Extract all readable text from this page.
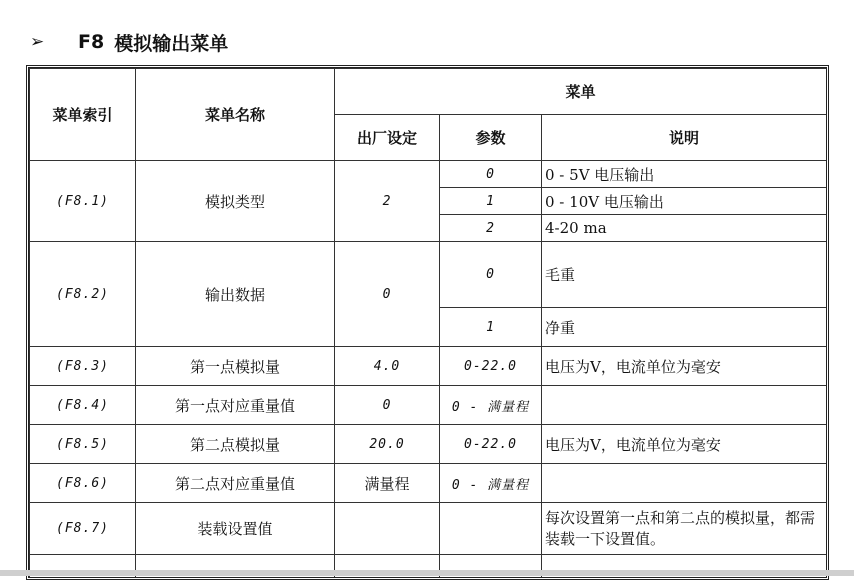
➢	F8 模拟输出菜单
菜单索引	菜单名称	菜单		
		出厂设定	参数	说明
(F8.1)	模拟类型	2	0	0 - 5V 电压输出
			1	0 - 10V 电压输出
			2	4-20 ma
(F8.2)	输出数据	0	0	毛重
			1	净重
(F8.3)	第一点模拟量	4.0	0-22.0	电压为V，电流单位为毫安
(F8.4)	第一点对应重量值	0	0 - 满量程	
(F8.5)	第二点模拟量	20.0	0-22.0	电压为V，电流单位为毫安
(F8.6)	第二点对应重量值	满量程	0 - 满量程	
(F8.7)	装载设置值			每次设置第一点和第二点的模拟量，都需装载一下设置值。
